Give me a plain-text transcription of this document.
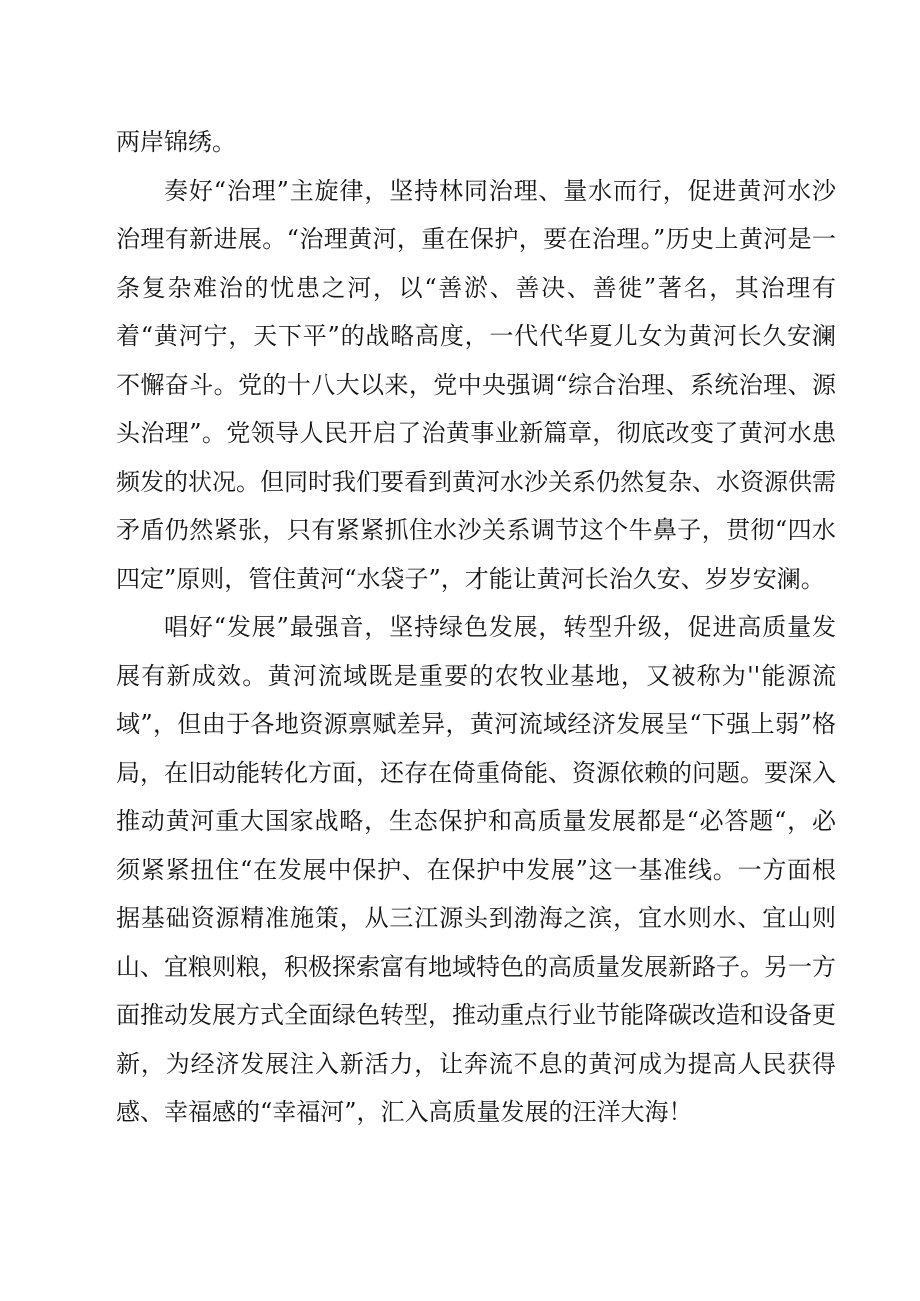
两岸锦绣。

奏好“治理”主旋律，坚持林同治理、量水而行，促进黄河水沙治理有新进展。“治理黄河，重在保护，要在治理。”历史上黄河是一条复杂难治的忧患之河，以“善淤、善决、善徙”著名，其治理有着“黄河宁，天下平”的战略高度，一代代华夏儿女为黄河长久安澜不懈奋斗。党的十八大以来，党中央强调“综合治理、系统治理、源头治理”。党领导人民开启了治黄事业新篇章，彻底改变了黄河水患频发的状况。但同时我们要看到黄河水沙关系仍然复杂、水资源供需矛盾仍然紧张，只有紧紧抓住水沙关系调节这个牛鼻子，贯彻“四水四定”原则，管住黄河“水袋子”，才能让黄河长治久安、岁岁安澜。

唱好“发展”最强音，坚持绿色发展，转型升级，促进高质量发展有新成效。黄河流域既是重要的农牧业基地，又被称为''能源流域”，但由于各地资源禀赋差异，黄河流域经济发展呈“下强上弱”格局，在旧动能转化方面，还存在倚重倚能、资源依赖的问题。要深入推动黄河重大国家战略，生态保护和高质量发展都是“必答题“，必须紧紧扭住“在发展中保护、在保护中发展”这一基准线。一方面根据基础资源精准施策，从三江源头到渤海之滨，宜水则水、宜山则山、宜粮则粮，积极探索富有地域特色的高质量发展新路子。另一方面推动发展方式全面绿色转型，推动重点行业节能降碳改造和设备更新，为经济发展注入新活力，让奔流不息的黄河成为提高人民获得感、幸福感的“幸福河”，汇入高质量发展的汪洋大海！
